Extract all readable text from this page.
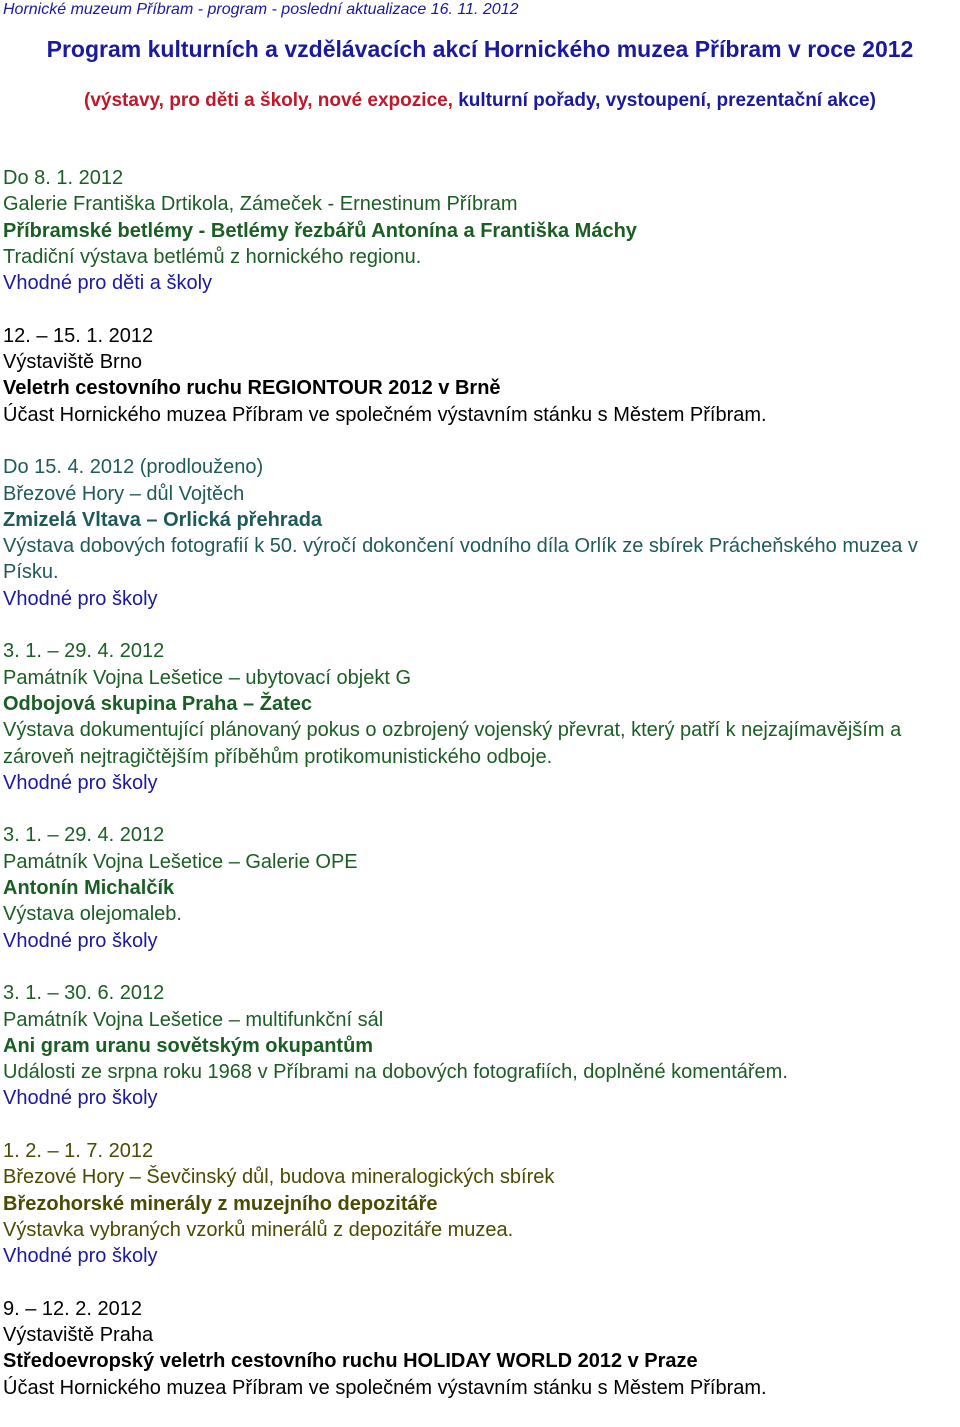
Hornické muzeum Příbram - program - poslední aktualizace 16. 11. 2012
Program kulturních a vzdělávacích akcí Hornického muzea Příbram v roce 2012
(výstavy, pro děti a školy, nové expozice, kulturní pořady, vystoupení, prezentační akce)
Do 8. 1. 2012
Galerie Františka Drtikola, Zámeček - Ernestinum Příbram
Příbramské betlémy - Betlémy řezbářů Antonína a Františka Máchy
Tradiční výstava betlémů z hornického regionu.
Vhodné pro děti a školy
12. – 15. 1. 2012
Výstaviště Brno
Veletrh cestovního ruchu REGIONTOUR 2012 v Brně
Účast Hornického muzea Příbram ve společném výstavním stánku s Městem Příbram.
Do 15. 4. 2012 (prodlouženo)
Březové Hory – důl Vojtěch
Zmizelá Vltava – Orlická přehrada
Výstava dobových fotografií k 50. výročí dokončení vodního díla Orlík ze sbírek Prácheňského muzea v Písku.
Vhodné pro školy
3. 1. – 29. 4. 2012
Památník Vojna Lešetice – ubytovací objekt G
Odbojová skupina Praha – Žatec
Výstava dokumentující plánovaný pokus o ozbrojený vojenský převrat, který patří k nejzajímavějším a zároveň nejtragičtějším příběhům protikomunistického odboje.
Vhodné pro školy
3. 1. – 29. 4. 2012
Památník Vojna Lešetice – Galerie OPE
Antonín Michalčík
Výstava olejomaleb.
Vhodné pro školy
3. 1. – 30. 6. 2012
Památník Vojna Lešetice – multifunkční sál
Ani gram uranu sovětským okupantům
Události ze srpna roku 1968 v Příbrami na dobových fotografiích, doplněné komentářem.
Vhodné pro školy
1. 2. – 1. 7. 2012
Březové Hory – Ševčinský důl, budova mineralogických sbírek
Březohorské minerály z muzejního depozitáře
Výstavka vybraných vzorků minerálů z depozitáře muzea.
Vhodné pro školy
9. – 12. 2. 2012
Výstaviště Praha
Středoevropský veletrh cestovního ruchu HOLIDAY WORLD 2012 v Praze
Účast Hornického muzea Příbram ve společném výstavním stánku s Městem Příbram.
